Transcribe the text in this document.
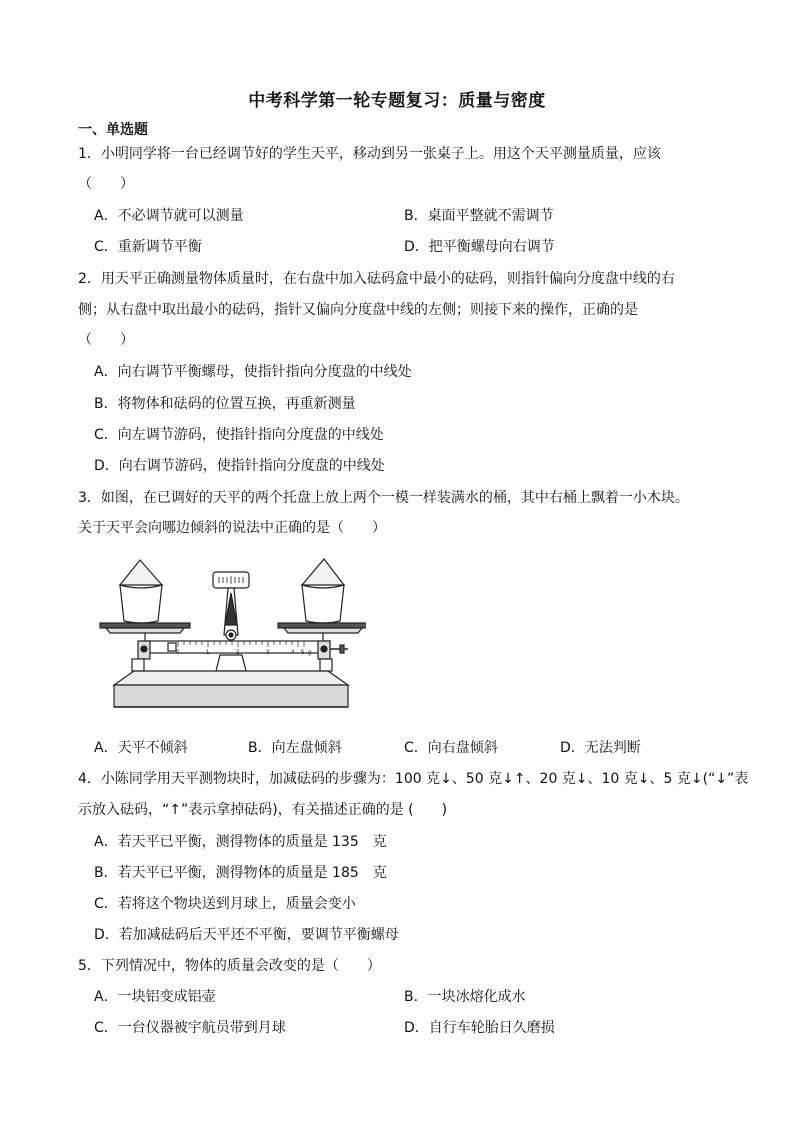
中考科学第一轮专题复习：质量与密度
一、单选题
1．小明同学将一台已经调节好的学生天平，移动到另一张桌子上。用这个天平测量质量，应该
（　　）
A．不必调节就可以测量	B．桌面平整就不需调节
C．重新调节平衡	D．把平衡螺母向右调节
2．用天平正确测量物体质量时，在右盘中加入砝码盒中最小的砝码，则指针偏向分度盘中线的右
侧；从右盘中取出最小的砝码，指针又偏向分度盘中线的左侧；则接下来的操作，正确的是
（　　）
A．向右调节平衡螺母，使指针指向分度盘的中线处
B．将物体和砝码的位置互换，再重新测量
C．向左调节游码，使指针指向分度盘的中线处
D．向右调节游码，使指针指向分度盘的中线处
3．如图，在已调好的天平的两个托盘上放上两个一模一样装满水的桶，其中右桶上飘着一小木块。
关于天平会向哪边倾斜的说法中正确的是（　　）
0	1	2	3	4 5 g
A．天平不倾斜	B．向左盘倾斜	C．向右盘倾斜	D．无法判断
4．小陈同学用天平测物块时，加减砝码的步骤为：100 克↓、50 克↓↑、20 克↓、10 克↓、5 克↓(“↓”表
示放入砝码，“↑”表示拿掉砝码)，有关描述正确的是 (　　)
A．若天平已平衡，测得物体的质量是 135　克
B．若天平已平衡，测得物体的质量是 185　克
C．若将这个物块送到月球上，质量会变小
D．若加减砝码后天平还不平衡，要调节平衡螺母
5．下列情况中，物体的质量会改变的是（　　）
A．一块铝变成铝壶	B．一块冰熔化成水
C．一台仪器被宇航员带到月球	D．自行车轮胎日久磨损
